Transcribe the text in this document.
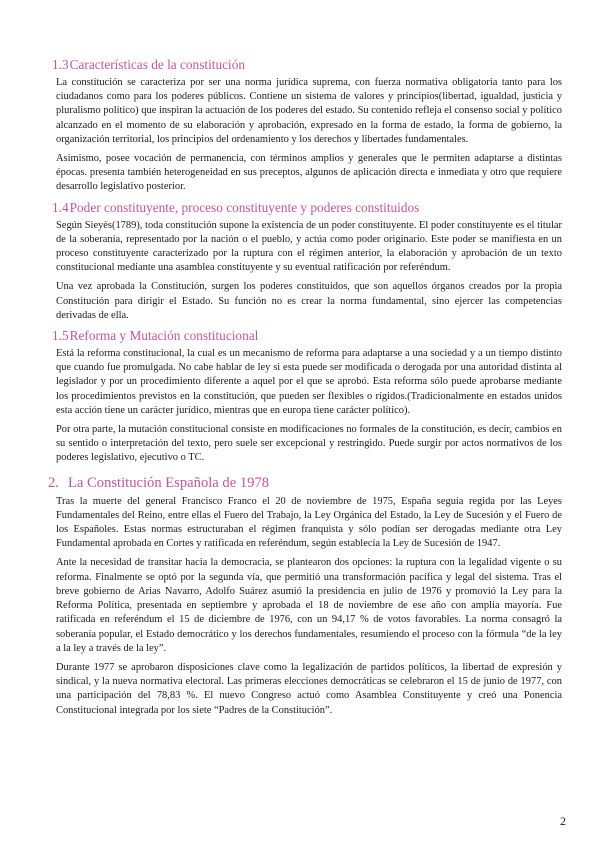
1.3Características de la constitución

La constitución se caracteriza por ser una norma jurídica suprema, con fuerza normativa obligatoria tanto para los ciudadanos como para los poderes públicos. Contiene un sistema de valores y principios(libertad, igualdad, justicia y pluralismo político) que inspiran la actuación de los poderes del estado. Su contenido refleja el consenso social y político alcanzado en el momento de su elaboración y aprobación, expresado en la forma de estado, la forma de gobierno, la organización territorial, los principios del ordenamiento y los derechos y libertades fundamentales.

Asimismo, posee vocación de permanencia, con términos amplios y generales que le permiten adaptarse a distintas épocas. presenta también heterogeneidad en sus preceptos, algunos de aplicación directa e inmediata y otro que requiere desarrollo legislativo posterior.

1.4Poder constituyente, proceso constituyente y poderes constituidos

Según Sieyès(1789), toda constitución supone la existencia de un poder constituyente. El poder constituyente es el titular de la soberanía, representado por la nación o el pueblo, y actúa como poder originario. Este poder se manifiesta en un proceso constituyente caracterizado por la ruptura con el régimen anterior, la elaboración y aprobación de un texto constitucional mediante una asamblea constituyente y su eventual ratificación por referéndum.

Una vez aprobada la Constitución, surgen los poderes constituidos, que son aquellos órganos creados por la propia Constitución para dirigir el Estado. Su función no es crear la norma fundamental, sino ejercer las competencias derivadas de ella.

1.5Reforma y Mutación constitucional

Está la reforma constitucional, la cual es un mecanismo de reforma para adaptarse a una sociedad y a un tiempo distinto que cuando fue promulgada. No cabe hablar de ley si esta puede ser modificada o derogada por una autoridad distinta al legislador y por un procedimiento diferente a aquel por el que se aprobó. Esta reforma sólo puede aprobarse mediante los procedimientos previstos en la constitución, que pueden ser flexibles o rígidos.(Tradicionalmente en estados unidos esta acción tiene un carácter jurídico, mientras que en europa tiene carácter político).

Por otra parte, la mutación constitucional consiste en modificaciones no formales de la constitución, es decir, cambios en su sentido o interpretación del texto, pero suele ser excepcional y restringido. Puede surgir por actos normativos de los poderes legislativo, ejecutivo o TC.

2. La Constitución Española de 1978

Tras la muerte del general Francisco Franco el 20 de noviembre de 1975, España seguía regida por las Leyes Fundamentales del Reino, entre ellas el Fuero del Trabajo, la Ley Orgánica del Estado, la Ley de Sucesión y el Fuero de los Españoles. Estas normas estructuraban el régimen franquista y sólo podían ser derogadas mediante otra Ley Fundamental aprobada en Cortes y ratificada en referéndum, según establecía la Ley de Sucesión de 1947.

Ante la necesidad de transitar hacia la democracia, se plantearon dos opciones: la ruptura con la legalidad vigente o su reforma. Finalmente se optó por la segunda vía, que permitió una transformación pacífica y legal del sistema. Tras el breve gobierno de Arias Navarro, Adolfo Suárez asumió la presidencia en julio de 1976 y promovió la Ley para la Reforma Política, presentada en septiembre y aprobada el 18 de noviembre de ese año con amplia mayoría. Fue ratificada en referéndum el 15 de diciembre de 1976, con un 94,17 % de votos favorables. La norma consagró la soberanía popular, el Estado democrático y los derechos fundamentales, resumiendo el proceso con la fórmula “de la ley a la ley a través de la ley”.

Durante 1977 se aprobaron disposiciones clave como la legalización de partidos políticos, la libertad de expresión y sindical, y la nueva normativa electoral. Las primeras elecciones democráticas se celebraron el 15 de junio de 1977, con una participación del 78,83 %. El nuevo Congreso actuó como Asamblea Constituyente y creó una Ponencia Constitucional integrada por los siete “Padres de la Constitución”.

2
